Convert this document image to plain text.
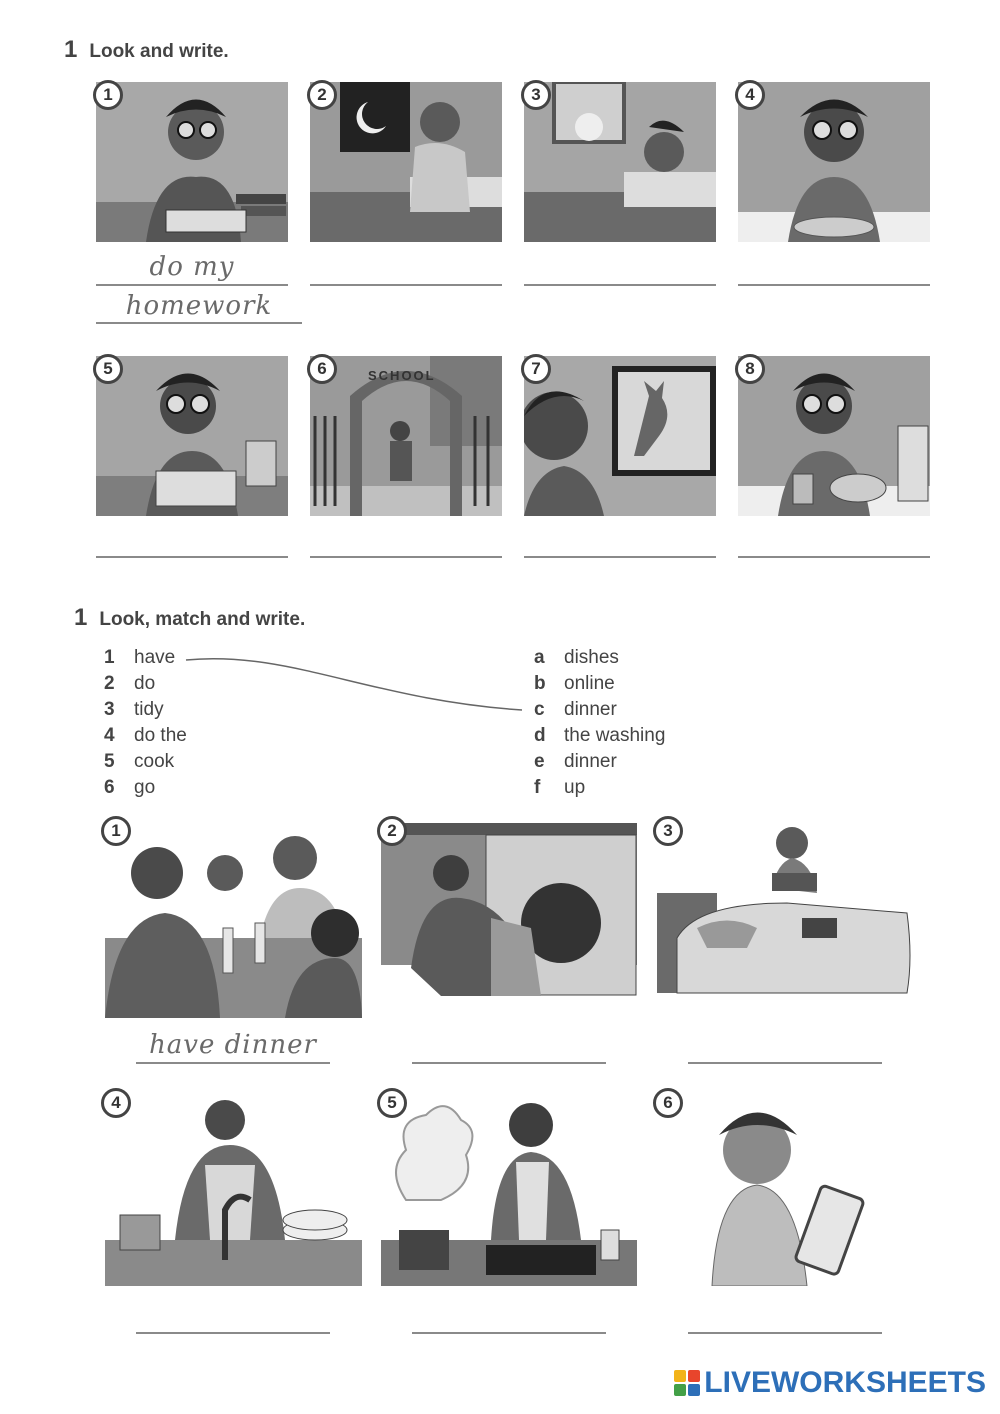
1 Look and write.
1	2	3	4
do my
homework
5	SCHOOL
6	7	8
1 Look, match and write.
1	have
2	do
3	tidy
4	do the
5	cook
6	go
a	dishes
b online
c	dinner
d the washing
e	dinner
f	up
1	2	3
have dinner
4	5	6
LIVEWORKSHEETS
